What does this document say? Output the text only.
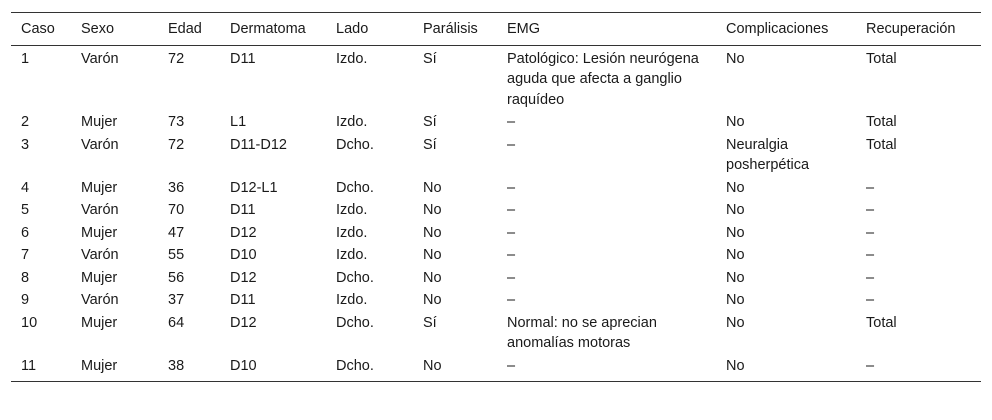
Caso	Sexo	Edad	Dermatoma	Lado	Parálisis	EMG	Complicaciones	Recuperación
1	Varón	72	D11	Izdo.	Sí	Patológico: Lesión neurógena aguda que afecta a ganglio raquídeo	No	Total
2	Mujer	73	L1	Izdo.	Sí	–	No	Total
3	Varón	72	D11-D12	Dcho.	Sí	–	Neuralgia posherpética	Total
4	Mujer	36	D12-L1	Dcho.	No	–	No	–
5	Varón	70	D11	Izdo.	No	–	No	–
6	Mujer	47	D12	Izdo.	No	–	No	–
7	Varón	55	D10	Izdo.	No	–	No	–
8	Mujer	56	D12	Dcho.	No	–	No	–
9	Varón	37	D11	Izdo.	No	–	No	–
10	Mujer	64	D12	Dcho.	Sí	Normal: no se aprecian anomalías motoras	No	Total
11	Mujer	38	D10	Dcho.	No	–	No	–
